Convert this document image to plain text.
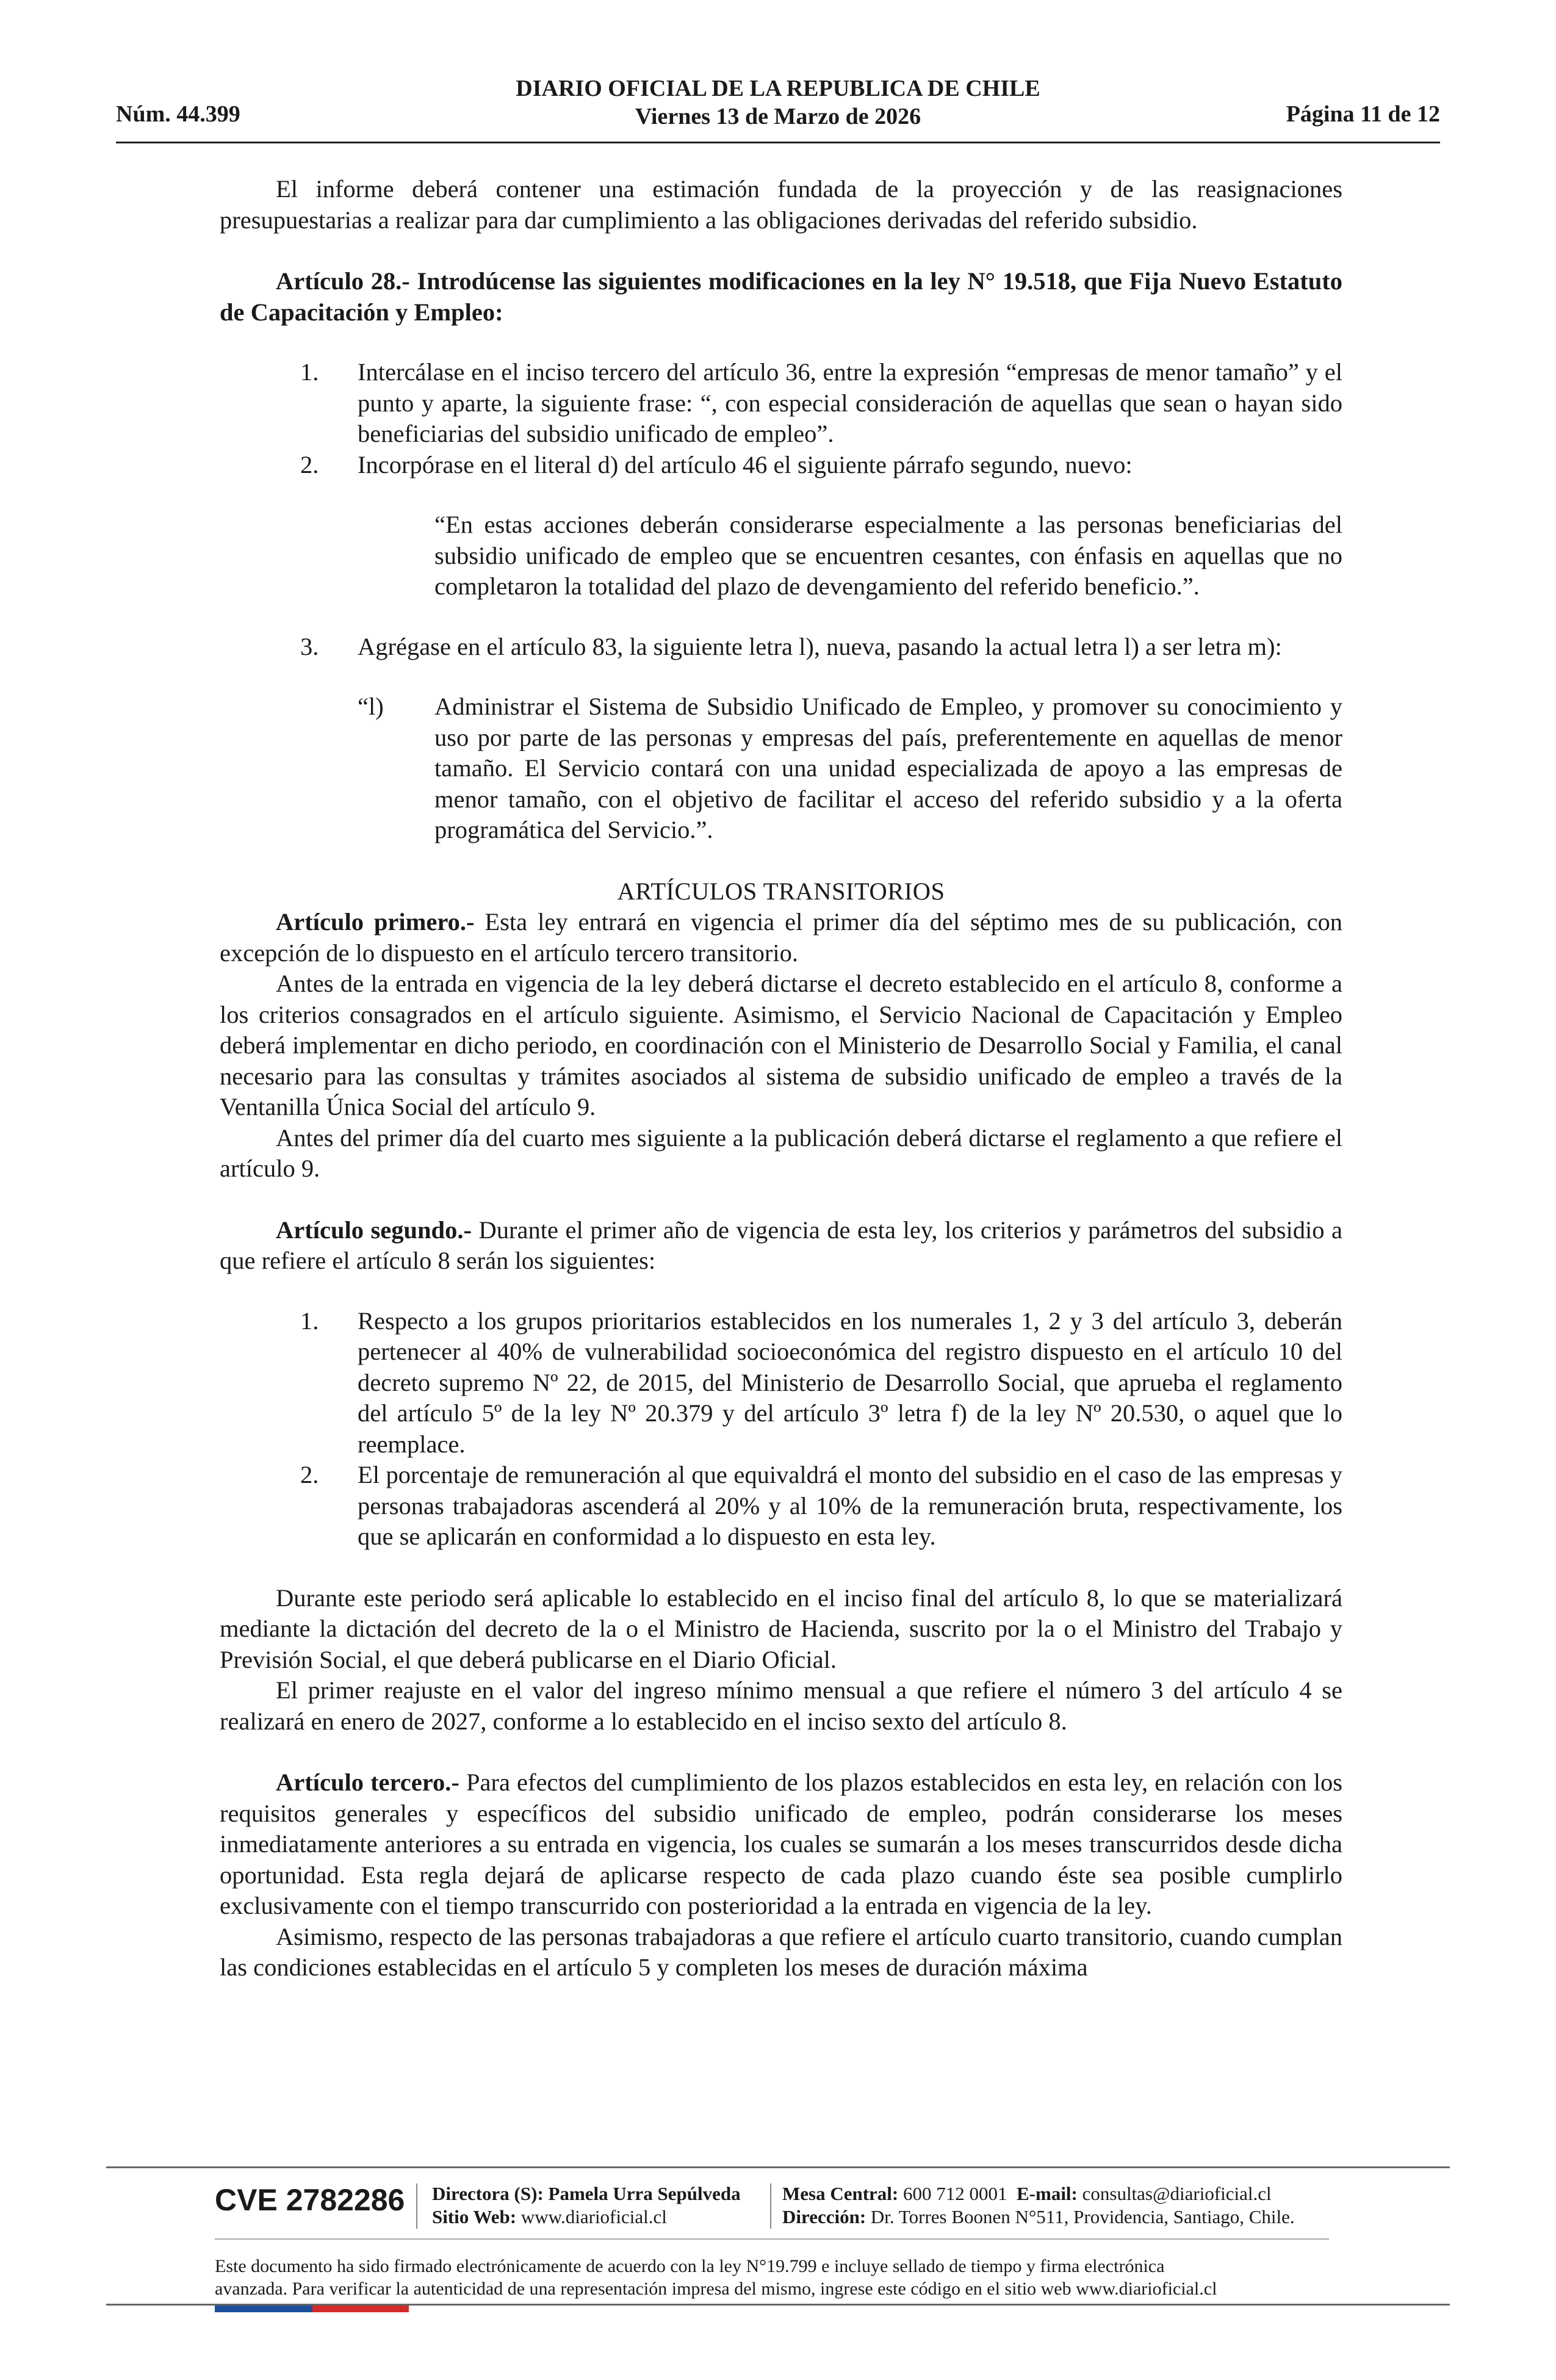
Núm. 44.399
DIARIO OFICIAL DE LA REPUBLICA DE CHILE
Viernes 13 de Marzo de 2026	Página 11 de 12

El informe deberá contener una estimación fundada de la proyección y de las reasignaciones presupuestarias a realizar para dar cumplimiento a las obligaciones derivadas del referido subsidio.

Artículo 28.- Introdúcense las siguientes modificaciones en la ley N° 19.518, que Fija Nuevo Estatuto de Capacitación y Empleo:

1. Intercálase en el inciso tercero del artículo 36, entre la expresión “empresas de menor tamaño” y el punto y aparte, la siguiente frase: “, con especial consideración de aquellas que sean o hayan sido beneficiarias del subsidio unificado de empleo”.
2. Incorpórase en el literal d) del artículo 46 el siguiente párrafo segundo, nuevo:
“En estas acciones deberán considerarse especialmente a las personas beneficiarias del subsidio unificado de empleo que se encuentren cesantes, con énfasis en aquellas que no completaron la totalidad del plazo de devengamiento del referido beneficio.”.
3. Agrégase en el artículo 83, la siguiente letra l), nueva, pasando la actual letra l) a ser letra m):
“l) Administrar el Sistema de Subsidio Unificado de Empleo, y promover su conocimiento y uso por parte de las personas y empresas del país, preferentemente en aquellas de menor tamaño. El Servicio contará con una unidad especializada de apoyo a las empresas de menor tamaño, con el objetivo de facilitar el acceso del referido subsidio y a la oferta programática del Servicio.”.

ARTÍCULOS TRANSITORIOS

Artículo primero.- Esta ley entrará en vigencia el primer día del séptimo mes de su publicación, con excepción de lo dispuesto en el artículo tercero transitorio.

Antes de la entrada en vigencia de la ley deberá dictarse el decreto establecido en el artículo 8, conforme a los criterios consagrados en el artículo siguiente. Asimismo, el Servicio Nacional de Capacitación y Empleo deberá implementar en dicho periodo, en coordinación con el Ministerio de Desarrollo Social y Familia, el canal necesario para las consultas y trámites asociados al sistema de subsidio unificado de empleo a través de la Ventanilla Única Social del artículo 9.

Antes del primer día del cuarto mes siguiente a la publicación deberá dictarse el reglamento a que refiere el artículo 9.

Artículo segundo.- Durante el primer año de vigencia de esta ley, los criterios y parámetros del subsidio a que refiere el artículo 8 serán los siguientes:

1. Respecto a los grupos prioritarios establecidos en los numerales 1, 2 y 3 del artículo 3, deberán pertenecer al 40% de vulnerabilidad socioeconómica del registro dispuesto en el artículo 10 del decreto supremo Nº 22, de 2015, del Ministerio de Desarrollo Social, que aprueba el reglamento del artículo 5º de la ley Nº 20.379 y del artículo 3º letra f) de la ley Nº 20.530, o aquel que lo reemplace.
2. El porcentaje de remuneración al que equivaldrá el monto del subsidio en el caso de las empresas y personas trabajadoras ascenderá al 20% y al 10% de la remuneración bruta, respectivamente, los que se aplicarán en conformidad a lo dispuesto en esta ley.

Durante este periodo será aplicable lo establecido en el inciso final del artículo 8, lo que se materializará mediante la dictación del decreto de la o el Ministro de Hacienda, suscrito por la o el Ministro del Trabajo y Previsión Social, el que deberá publicarse en el Diario Oficial.

El primer reajuste en el valor del ingreso mínimo mensual a que refiere el número 3 del artículo 4 se realizará en enero de 2027, conforme a lo establecido en el inciso sexto del artículo 8.

Artículo tercero.- Para efectos del cumplimiento de los plazos establecidos en esta ley, en relación con los requisitos generales y específicos del subsidio unificado de empleo, podrán considerarse los meses inmediatamente anteriores a su entrada en vigencia, los cuales se sumarán a los meses transcurridos desde dicha oportunidad. Esta regla dejará de aplicarse respecto de cada plazo cuando éste sea posible cumplirlo exclusivamente con el tiempo transcurrido con posterioridad a la entrada en vigencia de la ley.

Asimismo, respecto de las personas trabajadoras a que refiere el artículo cuarto transitorio, cuando cumplan las condiciones establecidas en el artículo 5 y completen los meses de duración máxima

CVE 2782286 Directora (S): Pamela Urra Sepúlveda
Sitio Web: www.diarioficial.cl
Mesa Central: 600 712 0001 E-mail: consultas@diarioficial.cl
Dirección: Dr. Torres Boonen N°511, Providencia, Santiago, Chile.
Este documento ha sido firmado electrónicamente de acuerdo con la ley N°19.799 e incluye sellado de tiempo y firma electrónica
avanzada. Para verificar la autenticidad de una representación impresa del mismo, ingrese este código en el sitio web www.diarioficial.cl
